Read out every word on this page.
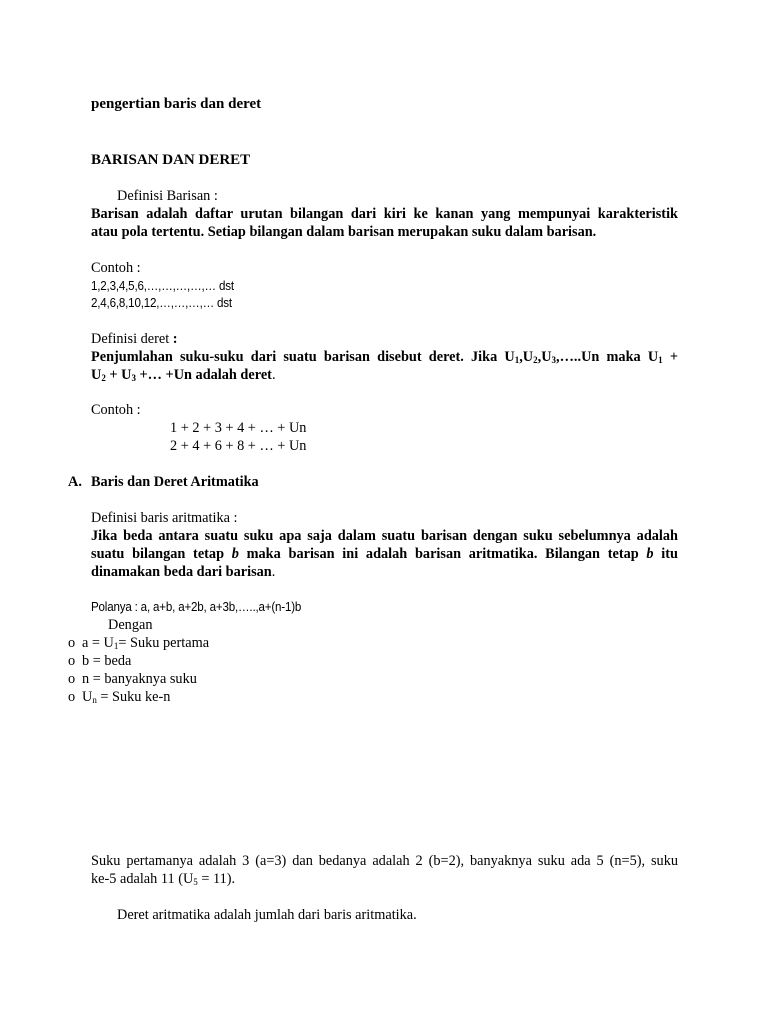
pengertian baris dan deret
BARISAN DAN DERET
Definisi Barisan :
Barisan adalah daftar urutan bilangan dari kiri ke kanan yang mempunyai karakteristik
atau pola tertentu. Setiap bilangan dalam barisan merupakan suku dalam barisan.
Contoh :
1,2,3,4,5,6,…,…,…,…,… dst
2,4,6,8,10,12,…,…,…,… dst
Definisi deret :
Penjumlahan suku-suku dari suatu barisan disebut deret. Jika $U_1,U_2,U_3,\dots..Un$ maka $U_1$ +
$U_2 + U_3$ +… +Un adalah deret.
Contoh :
1 + 2 + 3 + 4 + … + Un
2 + 4 + 6 + 8 + … + Un
A. Baris dan Deret Aritmatika
Definisi baris aritmatika :
Jika beda antara suatu suku apa saja dalam suatu barisan dengan suku sebelumnya adalah
suatu bilangan tetap b maka barisan ini adalah barisan aritmatika. Bilangan tetap b itu
dinamakan beda dari barisan.
Polanya : a, a+b, a+2b, a+3b,…..,a+(n-1)b
Dengan
o $a = U_1=$ Suku pertama
o b = beda
o n = banyaknya suku
o $U_n$ = Suku ke-n
Suku pertamanya adalah 3 (a=3) dan bedanya adalah 2 (b=2), banyaknya suku ada 5 (n=5), suku
ke-5 adalah 11 $(U_5 = 11)$.
Deret aritmatika adalah jumlah dari baris aritmatika.
